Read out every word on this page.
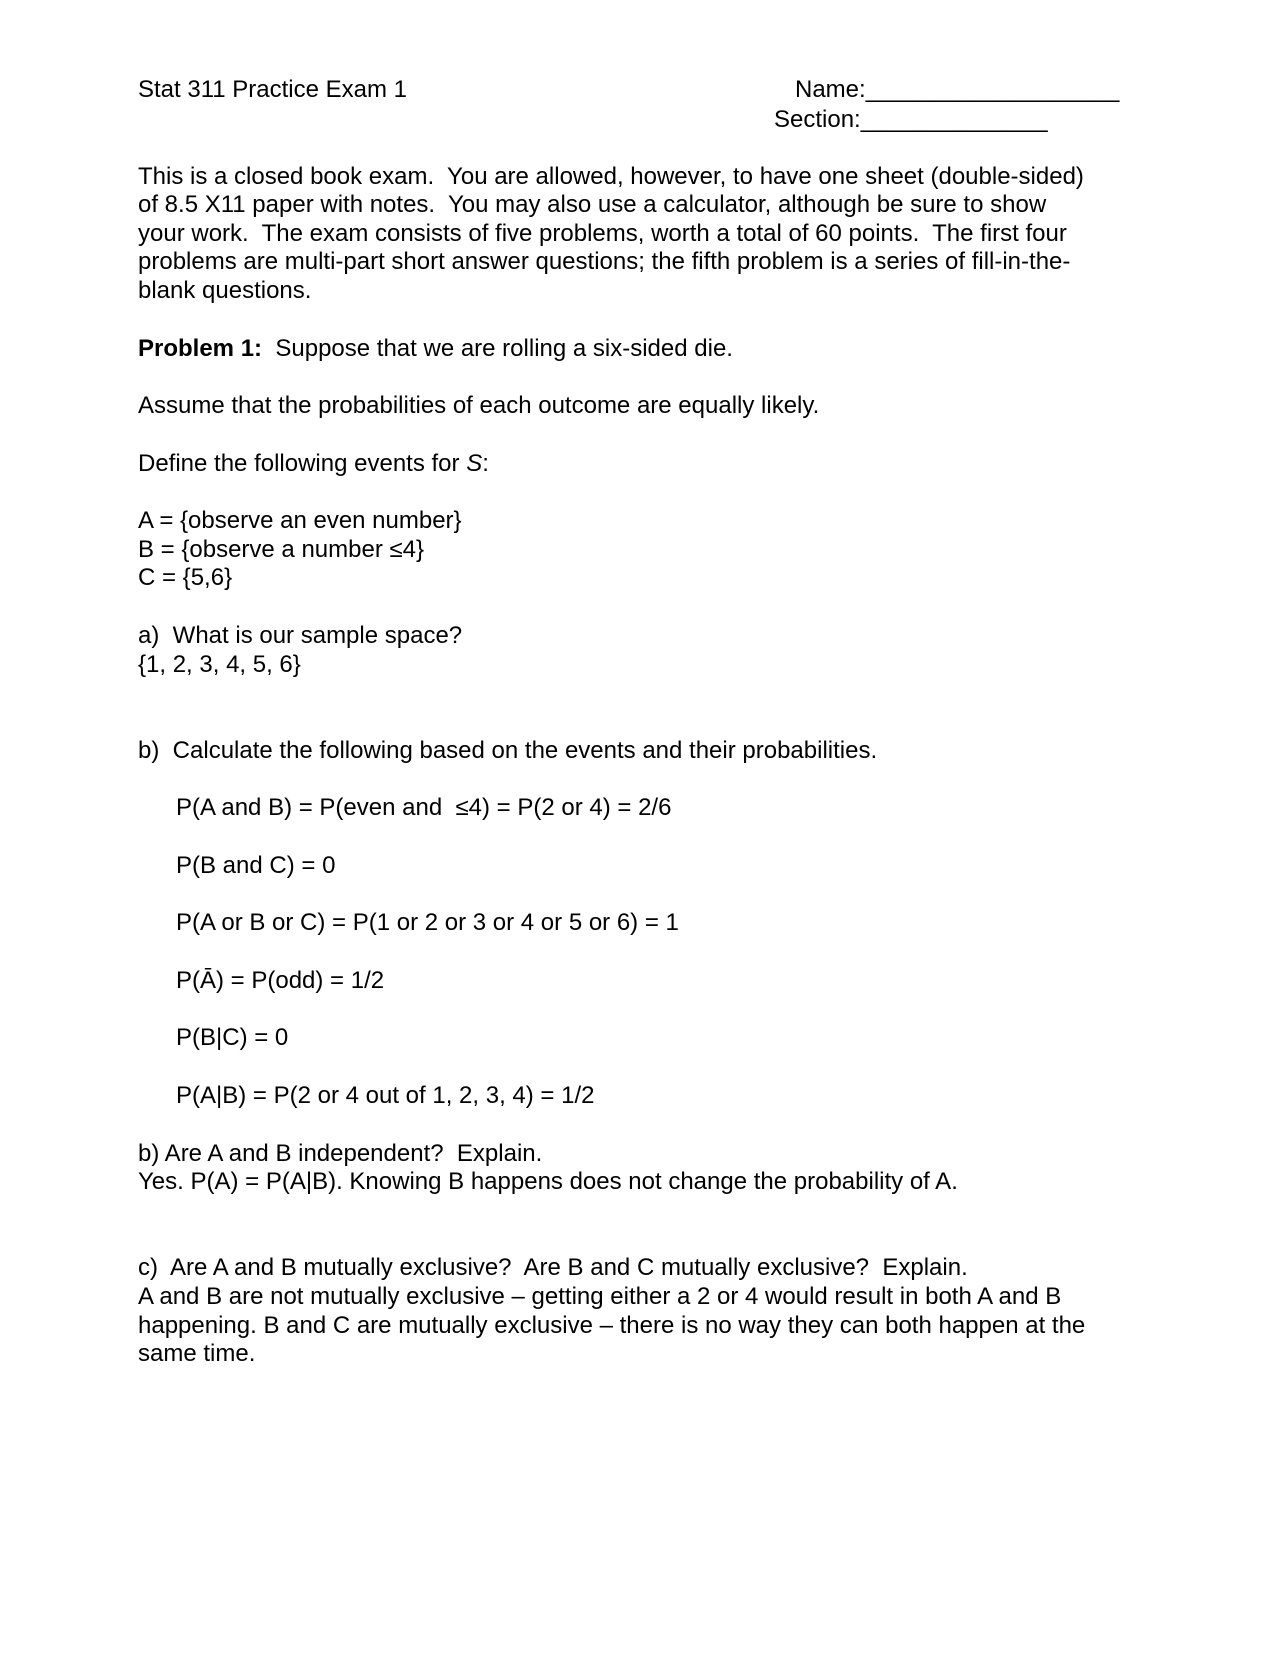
Stat 311 Practice Exam 1	Name:___________________
Section:______________
This is a closed book exam.  You are allowed, however, to have one sheet (double-sided)
of 8.5 X11 paper with notes.  You may also use a calculator, although be sure to show
your work.  The exam consists of five problems, worth a total of 60 points.  The first four
problems are multi-part short answer questions; the fifth problem is a series of fill-in-the-
blank questions.
Problem 1:  Suppose that we are rolling a six-sided die.
Assume that the probabilities of each outcome are equally likely.
Define the following events for S:
A = {observe an even number}
B = {observe a number ≤4}
C = {5,6}
a)  What is our sample space?
{1, 2, 3, 4, 5, 6}
b)  Calculate the following based on the events and their probabilities.
P(A and B) = P(even and  ≤4) = P(2 or 4) = 2/6
P(B and C) = 0
P(A or B or C) = P(1 or 2 or 3 or 4 or 5 or 6) = 1
P(Ā) = P(odd) = 1/2
P(B|C) = 0
P(A|B) = P(2 or 4 out of 1, 2, 3, 4) = 1/2
b) Are A and B independent?  Explain.
Yes. P(A) = P(A|B). Knowing B happens does not change the probability of A.
c)  Are A and B mutually exclusive?  Are B and C mutually exclusive?  Explain.
A and B are not mutually exclusive – getting either a 2 or 4 would result in both A and B
happening. B and C are mutually exclusive – there is no way they can both happen at the
same time.
